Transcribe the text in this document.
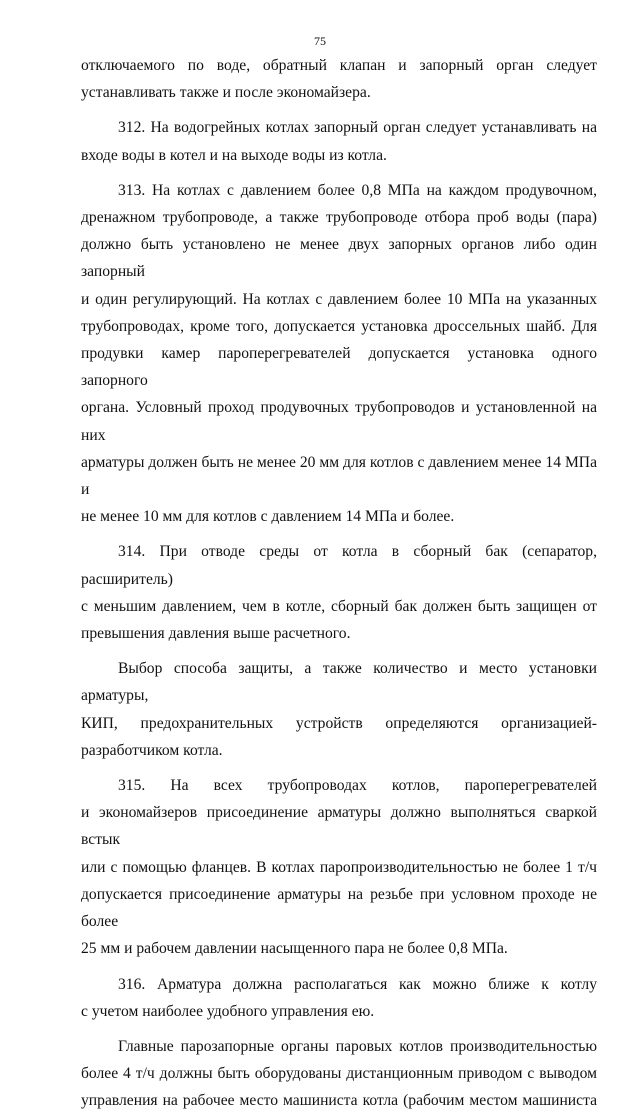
75
отключаемого по воде, обратный клапан и запорный орган следует
устанавливать также и после экономайзера.
312. На водогрейных котлах запорный орган следует устанавливать на
входе воды в котел и на выходе воды из котла.
313. На котлах с давлением более 0,8 МПа на каждом продувочном,
дренажном трубопроводе, а также трубопроводе отбора проб воды (пара)
должно быть установлено не менее двух запорных органов либо один запорный
и один регулирующий. На котлах с давлением более 10 МПа на указанных
трубопроводах, кроме того, допускается установка дроссельных шайб. Для
продувки камер пароперегревателей допускается установка одного запорного
органа. Условный проход продувочных трубопроводов и установленной на них
арматуры должен быть не менее 20 мм для котлов с давлением менее 14 МПа и
не менее 10 мм для котлов с давлением 14 МПа и более.
314. При отводе среды от котла в сборный бак (сепаратор, расширитель)
с меньшим давлением, чем в котле, сборный бак должен быть защищен от
превышения давления выше расчетного.
Выбор способа защиты, а также количество и место установки арматуры,
КИП, предохранительных устройств определяются организацией-
разработчиком котла.
315. На всех трубопроводах котлов, пароперегревателей
и экономайзеров присоединение арматуры должно выполняться сваркой встык
или с помощью фланцев. В котлах паропроизводительностью не более 1 т/ч
допускается присоединение арматуры на резьбе при условном проходе не более
25 мм и рабочем давлении насыщенного пара не более 0,8 МПа.
316. Арматура должна располагаться как можно ближе к котлу
с учетом наиболее удобного управления ею.
Главные парозапорные органы паровых котлов производительностью
более 4 т/ч должны быть оборудованы дистанционным приводом с выводом
управления на рабочее место машиниста котла (рабочим местом машиниста
